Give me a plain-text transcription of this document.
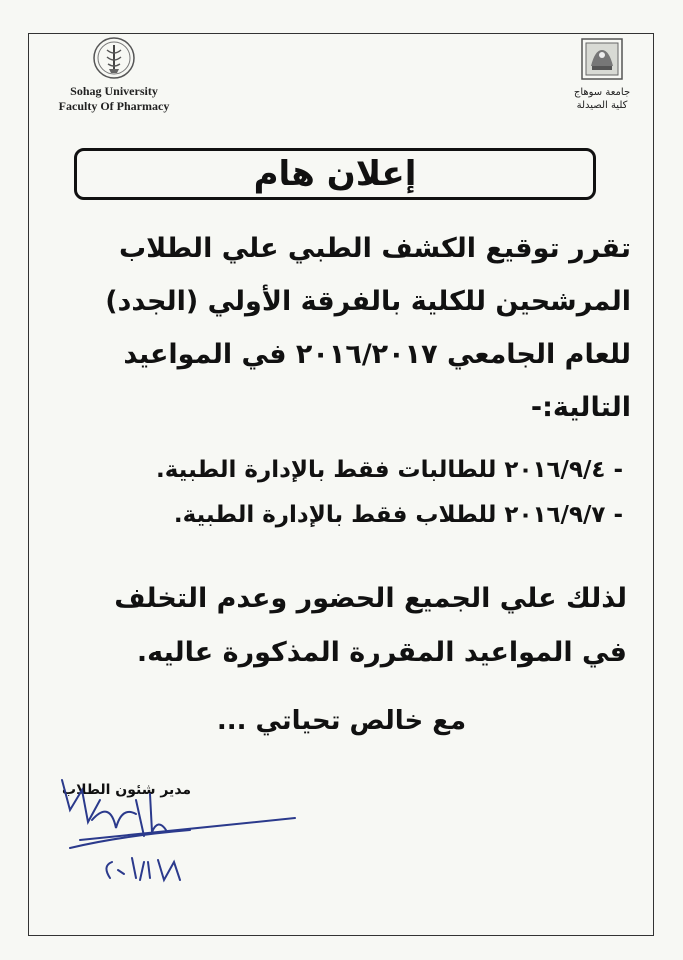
Sohag University
Faculty Of Pharmacy
جامعة سوهاج
كلية الصيدلة
إعلان هام
تقرر توقيع الكشف الطبي علي الطلاب
المرشحين للكلية بالفرقة الأولي (الجدد)
للعام الجامعي ٢٠١٦/٢٠١٧ في المواعيد
التالية:-
- ٢٠١٦/٩/٤ للطالبات فقط بالإدارة الطبية.
- ٢٠١٦/٩/٧ للطلاب فقط بالإدارة الطبية.
لذلك علي الجميع الحضور وعدم التخلف
في المواعيد المقررة المذكورة عاليه.
مع خالص تحياتي ...
مدير شئون الطلاب
